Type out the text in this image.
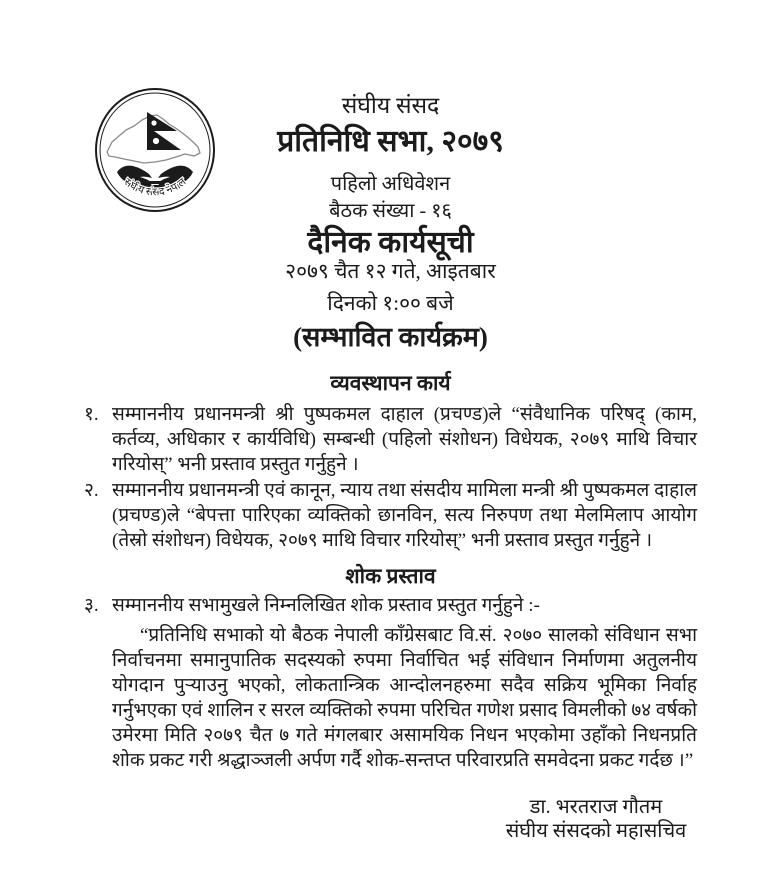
संघीय संसद नेपाल
संघीय संसद
प्रतिनिधि सभा, २०७९
पहिलो अधिवेशन
बैठक संख्या - १६
दैनिक कार्यसूची
२०७९ चैत १२ गते, आइतबार
दिनको १:०० बजे
(सम्भावित कार्यक्रम)
व्यवस्थापन कार्य
१. सम्माननीय प्रधानमन्त्री श्री पुष्पकमल दाहाल (प्रचण्ड)ले “संवैधानिक परिषद् (काम, कर्तव्य, अधिकार र कार्यविधि) सम्बन्धी (पहिलो संशोधन) विधेयक, २०७९ माथि विचार गरियोस्” भनी प्रस्ताव प्रस्तुत गर्नुहुने ।
२. सम्माननीय प्रधानमन्त्री एवं कानून, न्याय तथा संसदीय मामिला मन्त्री श्री पुष्पकमल दाहाल (प्रचण्ड)ले “बेपत्ता पारिएका व्यक्तिको छानविन, सत्य निरुपण तथा मेलमिलाप आयोग (तेस्रो संशोधन) विधेयक, २०७९ माथि विचार गरियोस्” भनी प्रस्ताव प्रस्तुत गर्नुहुने ।
शोक प्रस्ताव
३. सम्माननीय सभामुखले निम्नलिखित शोक प्रस्ताव प्रस्तुत गर्नुहुने :-
“प्रतिनिधि सभाको यो बैठक नेपाली काँग्रेसबाट वि.सं. २०७० सालको संविधान सभा निर्वाचनमा समानुपातिक सदस्यको रुपमा निर्वाचित भई संविधान निर्माणमा अतुलनीय योगदान पुऱ्याउनु भएको, लोकतान्त्रिक आन्दोलनहरुमा सदैव सक्रिय भूमिका निर्वाह गर्नुभएका एवं शालिन र सरल व्यक्तिको रुपमा परिचित गणेश प्रसाद विमलीको ७४ वर्षको उमेरमा मिति २०७९ चैत ७ गते मंगलबार असामयिक निधन भएकोमा उहाँको निधनप्रति शोक प्रकट गरी श्रद्धाञ्जली अर्पण गर्दै शोक-सन्तप्त परिवारप्रति समवेदना प्रकट गर्दछ ।”
डा. भरतराज गौतम
संघीय संसदको महासचिव
